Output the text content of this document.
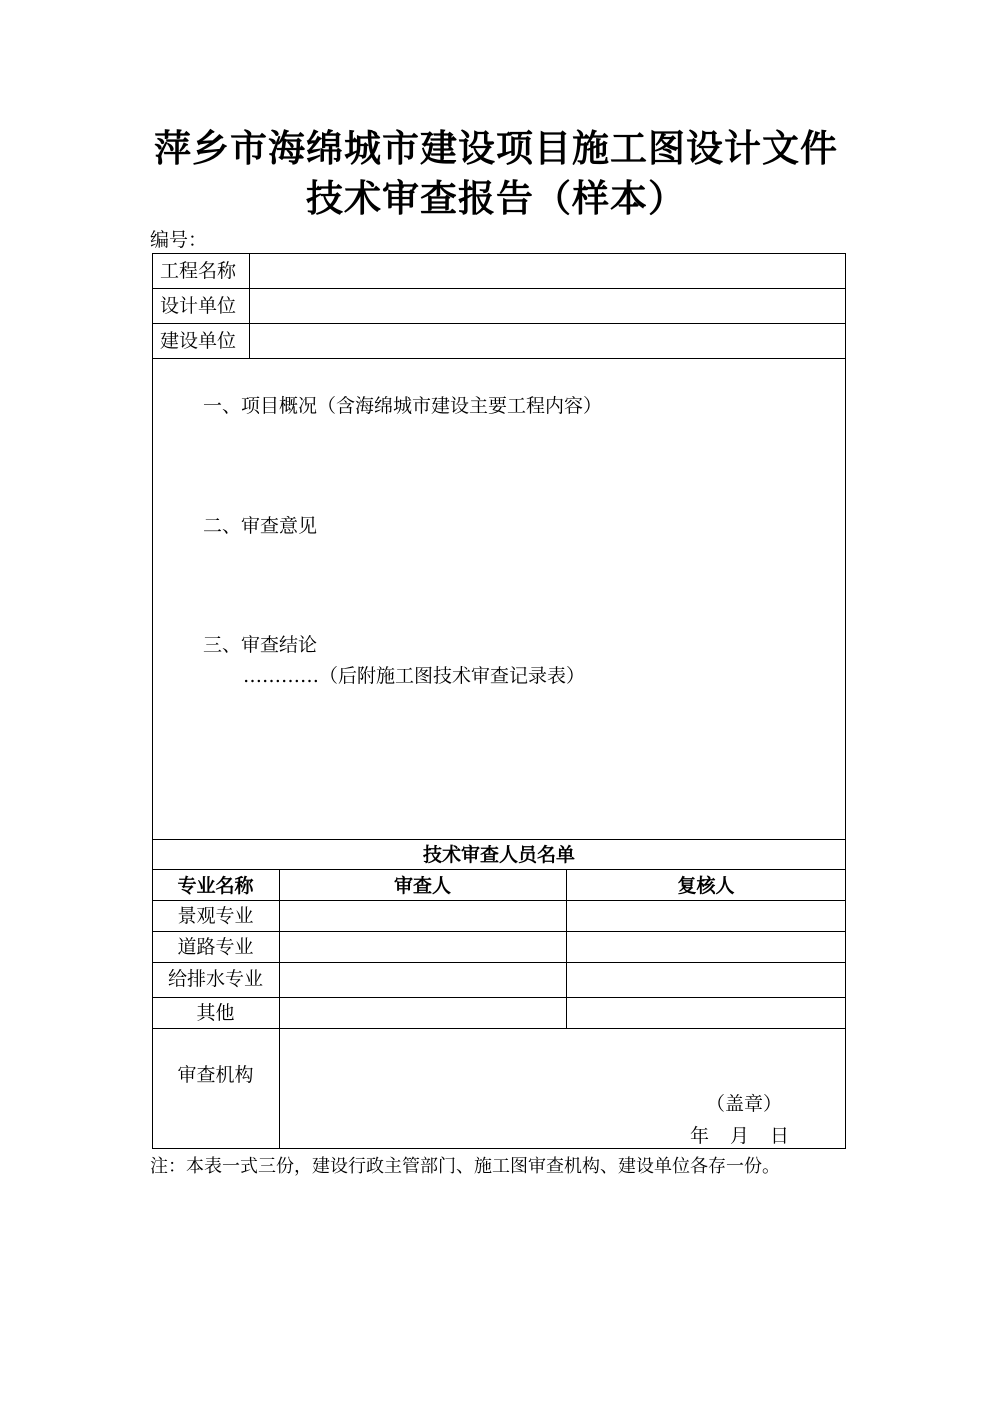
萍乡市海绵城市建设项目施工图设计文件
技术审查报告（样本）
编号：
工程名称
设计单位
建设单位
一、项目概况（含海绵城市建设主要工程内容）
二、审查意见
三、审查结论
…………（后附施工图技术审查记录表）
技术审查人员名单
专业名称	审查人	复核人
景观专业
道路专业
给排水专业
其他
审查机构
（盖章）
年 月 日
注：本表一式三份，建设行政主管部门、施工图审查机构、建设单位各存一份。
